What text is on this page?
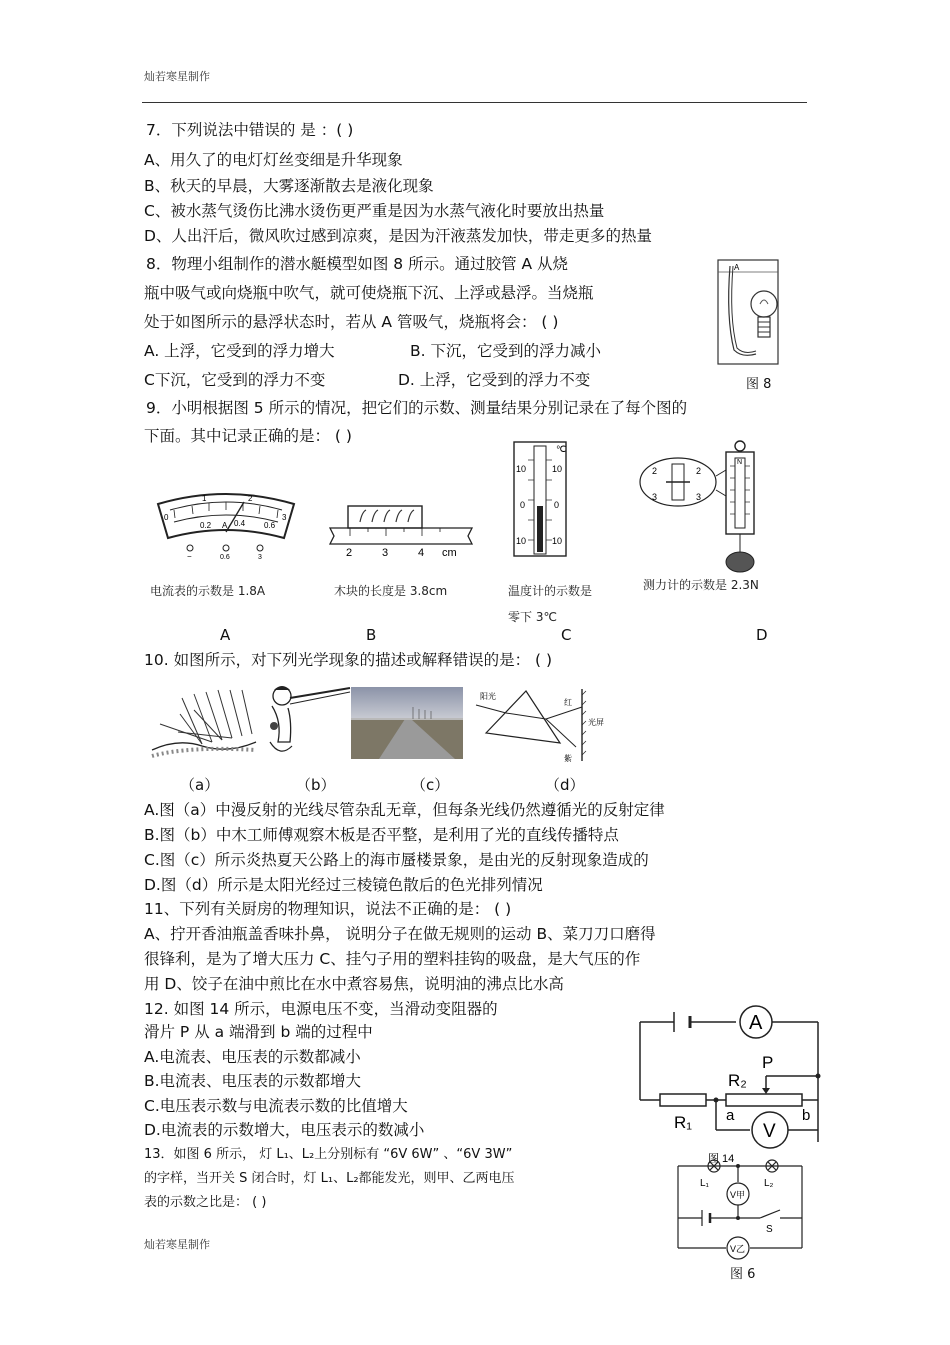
灿若寒星制作
7．下列说法中错误的 是 ：( )
A、用久了的电灯灯丝变细是升华现象
B、秋天的早晨，大雾逐渐散去是液化现象
C、被水蒸气烫伤比沸水烫伤更严重是因为水蒸气液化时要放出热量
D、人出汗后，微风吹过感到凉爽，是因为汗液蒸发加快，带走更多的热量
8．物理小组制作的潜水艇模型如图 8 所示。通过胶管 A 从烧
瓶中吸气或向烧瓶中吹气，就可使烧瓶下沉、上浮或悬浮。当烧瓶
处于如图所示的悬浮状态时，若从 A 管吸气，烧瓶将会： ( )
A. 上浮，它受到的浮力增大	B. 下沉，它受到的浮力减小
C下沉，它受到的浮力不变	D. 上浮，它受到的浮力不变
A
图 8
9．小明根据图 5 所示的情况，把它们的示数、测量结果分别记录在了每个图的
下面。其中记录正确的是： ( )
0
1	2
3
0.2 A 0.4 0.6
−	0.6	3	2	3	4 cm
℃
10	10
0	0
10	10
2
3
2
3
N
电流表的示数是 1.8A	木块的长度是 3.8cm	温度计的示数是	测力计的示数是 2.3N
零下 3℃
A	B	C	D
10. 如图所示，对下列光学现象的描述或解释错误的是： ( )
阳光
红
紫
光屏
（a）	（b）	（c）	（d）
A.图（a）中漫反射的光线尽管杂乱无章，但每条光线仍然遵循光的反射定律
B.图（b）中木工师傅观察木板是否平整，是利用了光的直线传播特点
C.图（c）所示炎热夏天公路上的海市蜃楼景象，是由光的反射现象造成的
D.图（d）所示是太阳光经过三棱镜色散后的色光排列情况
11、下列有关厨房的物理知识，说法不正确的是： ( )
A、拧开香油瓶盖香味扑鼻， 说明分子在做无规则的运动 B、菜刀刀口磨得
很锋利，是为了增大压力 C、挂勺子用的塑料挂钩的吸盘，是大气压的作
用 D、饺子在油中煎比在水中煮容易焦，说明油的沸点比水高
12. 如图 14 所示，电源电压不变，当滑动变阻器的
滑片 P 从 a 端滑到 b 端的过程中
A.电流表、电压表的示数都减小
B.电流表、电压表的示数都增大
C.电压表示数与电流表示数的比值增大
D.电流表的示数增大，电压表示的数减小
A
P
R₂
R₁ a	b
V
图 14
13．如图 6 所示， 灯 L₁、L₂上分别标有 “6V 6W” 、“6V 3W”
的字样，当开关 S 闭合时，灯 L₁、L₂都能发光，则甲、乙两电压
表的示数之比是： ( )
L₁	L₂
V甲
S
V乙
图 6
灿若寒星制作
